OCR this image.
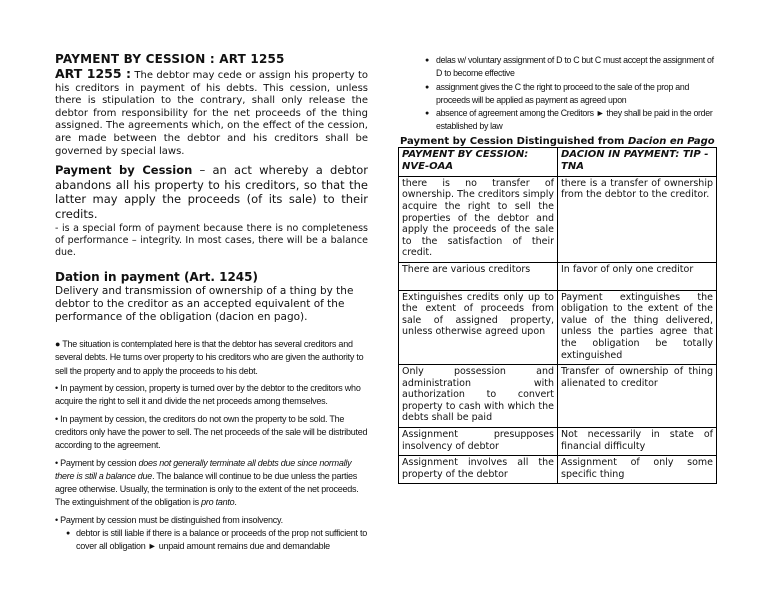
PAYMENT BY CESSION : ART 1255

ART 1255 : The debtor may cede or assign his property to his creditors in payment of his debts. This cession, unless there is stipulation to the contrary, shall only release the debtor from responsibility for the net proceeds of the thing assigned. The agreements which, on the effect of the cession, are made between the debtor and his creditors shall be governed by special laws.

Payment by Cession – an act whereby a debtor abandons all his property to his creditors, so that the latter may apply the proceeds (of its sale) to their credits.

- is a special form of payment because there is no completeness of performance – integrity. In most cases, there will be a balance due.

Dation in payment (Art. 1245)

Delivery and transmission of ownership of a thing by the debtor to the creditor as an accepted equivalent of the performance of the obligation (dacion en pago).

● The situation is contemplated here is that the debtor has several creditors and several debts. He turns over property to his creditors who are given the authority to sell the property and to apply the proceeds to his debt.

• In payment by cession, property is turned over by the debtor to the creditors who acquire the right to sell it and divide the net proceeds among themselves.

• In payment by cession, the creditors do not own the property to be sold. The creditors only have the power to sell. The net proceeds of the sale will be distributed according to the agreement.

• Payment by cession does not generally terminate all debts due since normally there is still a balance due. The balance will continue to be due unless the parties agree otherwise. Usually, the termination is only to the extent of the net proceeds. The extinguishment of the obligation is pro tanto.

• Payment by cession must be distinguished from insolvency.

● debtor is still liable if there is a balance or proceeds of the prop not sufficient to cover all obligation ► unpaid amount remains due and demandable
● delas w/ voluntary assignment of D to C but C must accept the assignment of D to become effective
● assignment gives the C the right to proceed to the sale of the prop and proceeds will be applied as payment as agreed upon
● absence of agreement among the Creditors ► they shall be paid in the order established by law
Payment by Cession Distinguished from Dacion en Pago
PAYMENT BY CESSION: NVE-OAA	DACION IN PAYMENT: TIP - TNA
there is no transfer of ownership. The creditors simply acquire the right to sell the properties of the debtor and apply the proceeds of the sale to the satisfaction of their credit.	there is a transfer of ownership from the debtor to the creditor.
There are various creditors	In favor of only one creditor
Extinguishes credits only up to the extent of proceeds from sale of assigned property, unless otherwise agreed upon	Payment extinguishes the obligation to the extent of the value of the thing delivered, unless the parties agree that the obligation be totally extinguished
Only possession and administration with authorization to convert property to cash with which the debts shall be paid	Transfer of ownership of thing alienated to creditor
Assignment presupposes insolvency of debtor	Not necessarily in state of financial difficulty
Assignment involves all the property of the debtor	Assignment of only some specific thing
